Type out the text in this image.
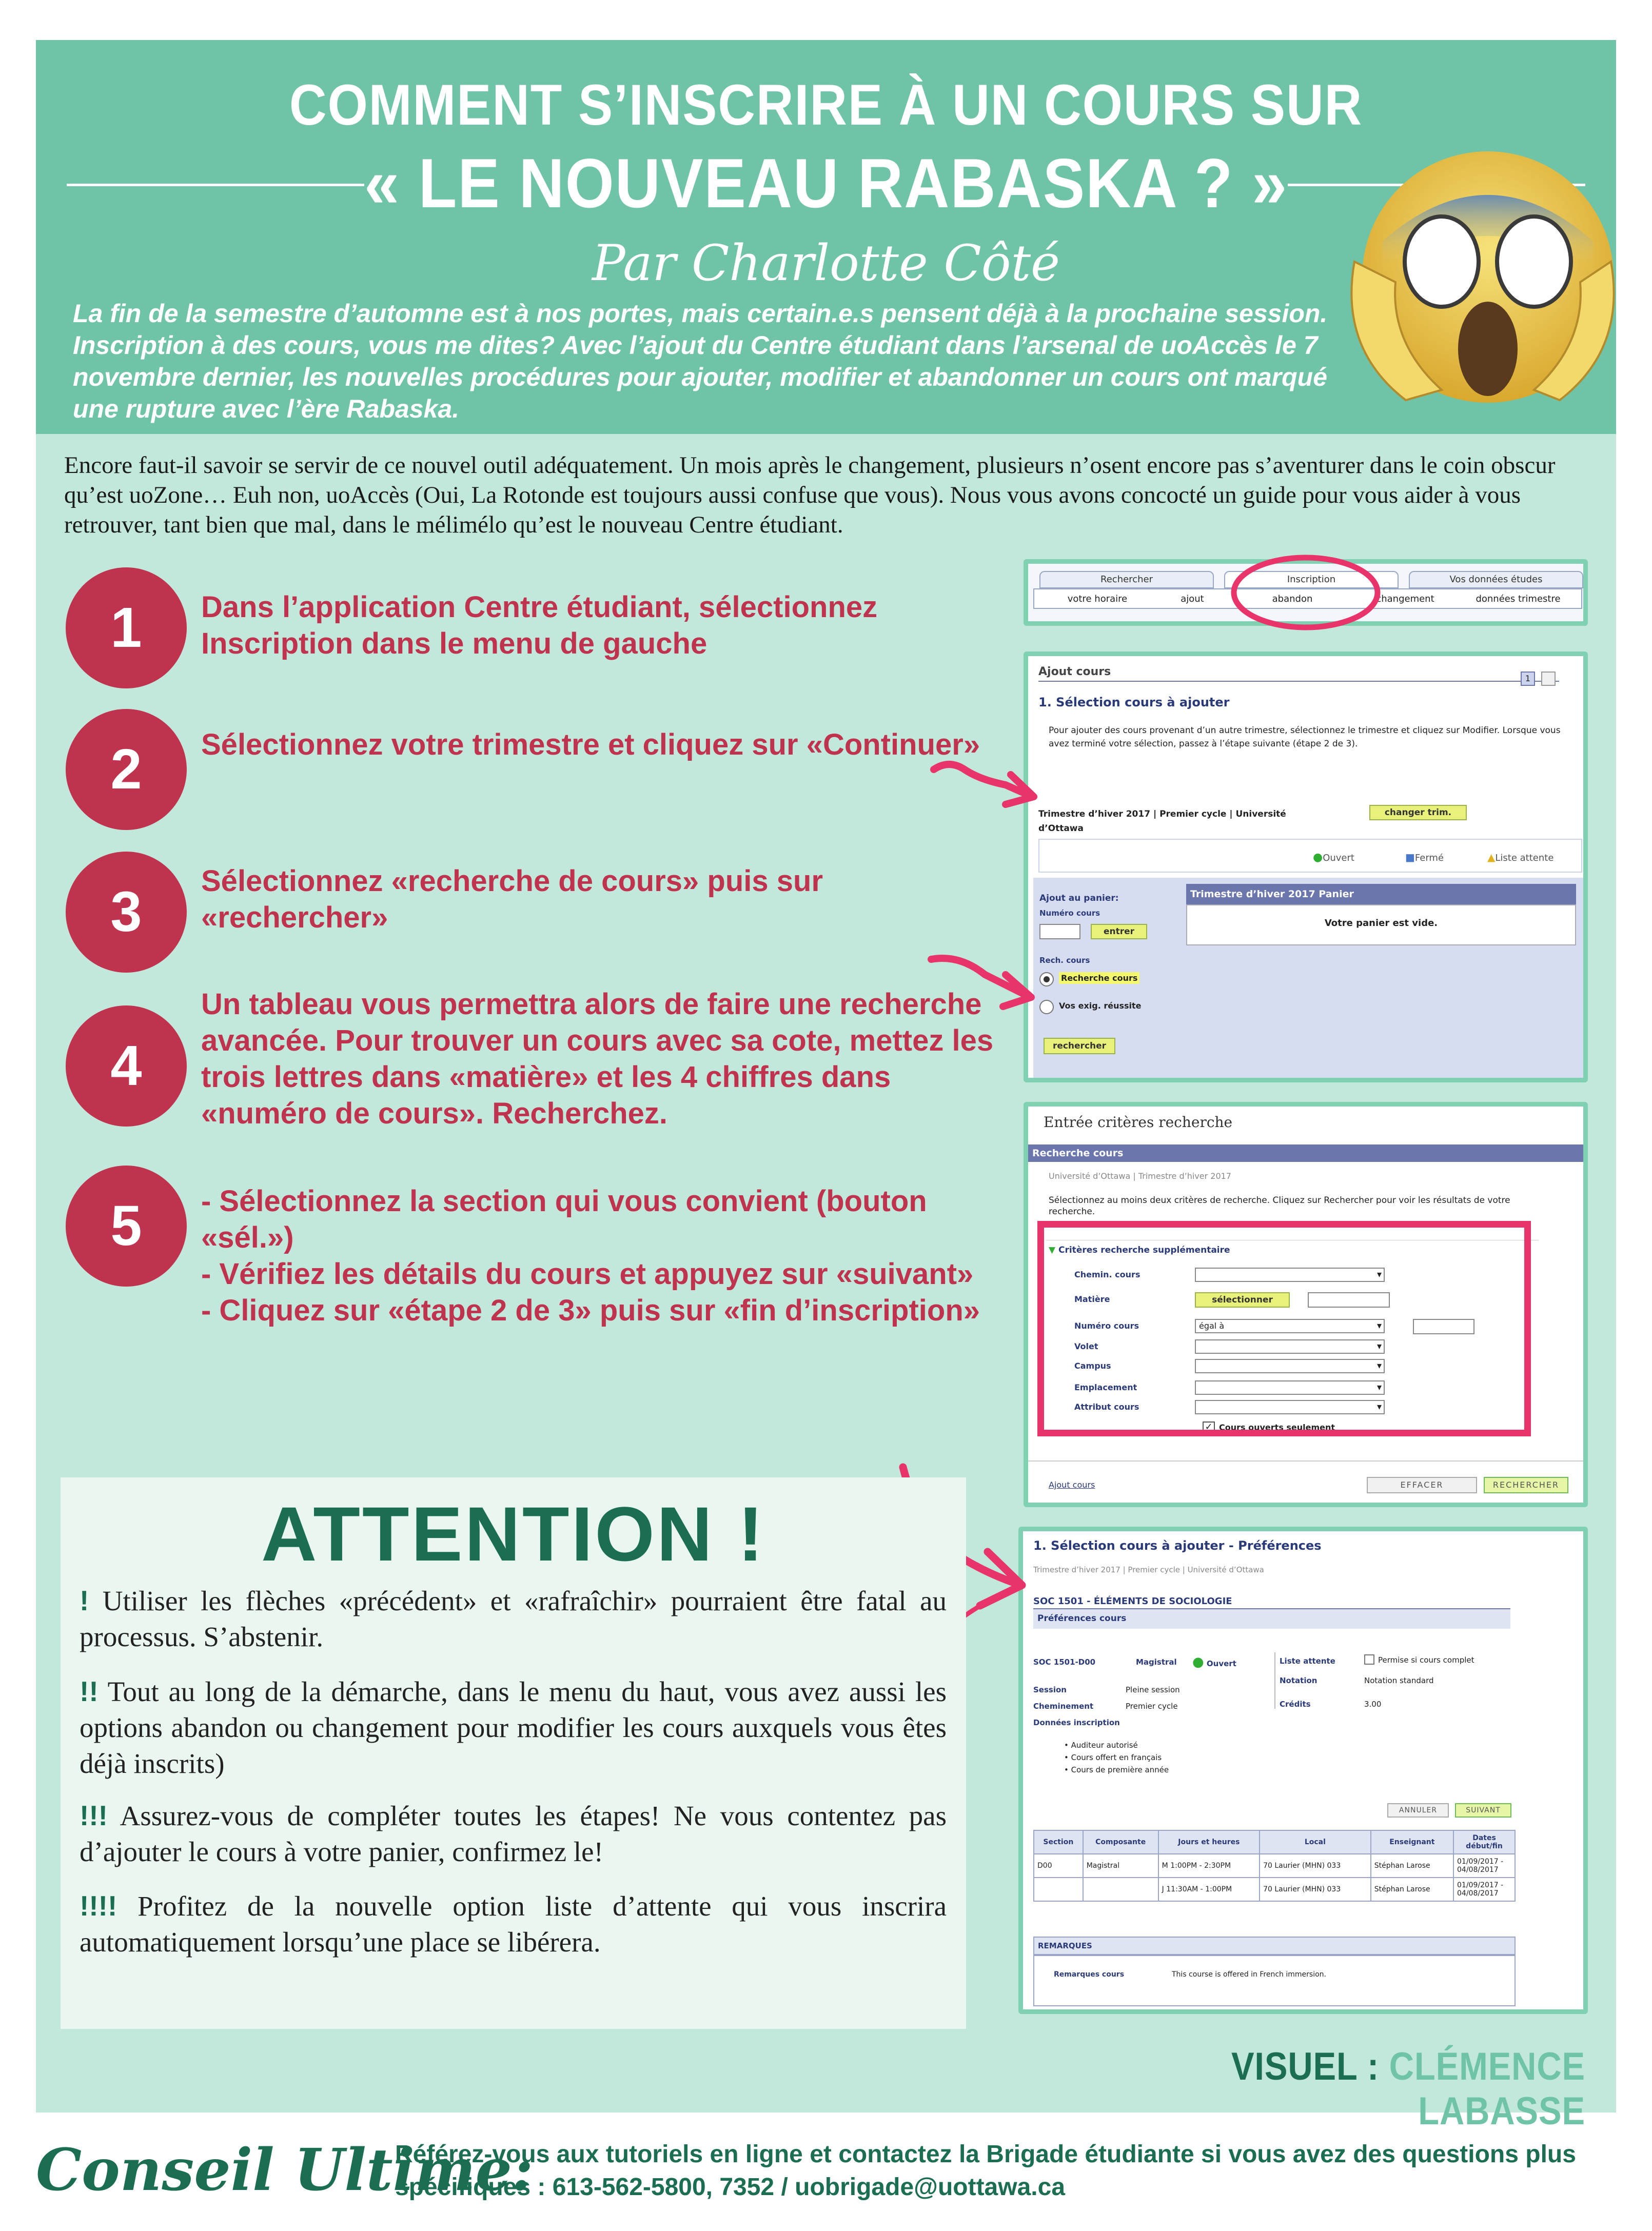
COMMENT S’INSCRIRE À UN COURS SUR
« LE NOUVEAU RABASKA ? »
Par Charlotte Côté
La fin de la semestre d’automne est à nos portes, mais certain.e.s pensent déjà à la prochaine session. Inscription à des cours, vous me dites? Avec l’ajout du Centre étudiant dans l’arsenal de uoAccès le 7 novembre dernier, les nouvelles procédures pour ajouter, modifier et abandonner un cours ont marqué une rupture avec l’ère Rabaska.
Encore faut-il savoir se servir de ce nouvel outil adéquatement. Un mois après le changement, plusieurs n’osent encore pas s’aventurer dans le coin obscur qu’est uoZone… Euh non, uoAccès (Oui, La Rotonde est toujours aussi confuse que vous). Nous vous avons concocté un guide pour vous aider à vous retrouver, tant bien que mal, dans le mélimélo qu’est le nouveau Centre étudiant.
1	Dans l’application Centre étudiant, sélectionnez Inscription dans le menu de gauche
2	Sélectionnez votre trimestre et cliquez sur «Continuer»
3	Sélectionnez «recherche de cours» puis sur «rechercher»
4
Un tableau vous permettra alors de faire une recherche avancée. Pour trouver un cours avec sa cote, mettez les trois lettres dans «matière» et les 4 chiffres dans «numéro de cours». Recherchez.
5	- Sélectionnez la section qui vous convient (bouton «sél.»)
- Vérifiez les détails du cours et appuyez sur «suivant»
- Cliquez sur «étape 2 de 3» puis sur «fin d’inscription»
Rechercher	Inscription	Vos données études
votre horaire	ajout	abandon	changement	données trimestre
Ajout cours
1
1. Sélection cours à ajouter
Pour ajouter des cours provenant d’un autre trimestre, sélectionnez le trimestre et cliquez sur Modifier. Lorsque vous avez terminé votre sélection, passez à l’étape suivante (étape 2 de 3).
Trimestre d’hiver 2017 | Premier cycle | Université d’Ottawa
changer trim.
●Ouvert	■Fermé	▲Liste attente
Ajout au panier:
Numéro cours
entrer
Trimestre d’hiver 2017 Panier
Votre panier est vide.
Rech. cours
Recherche cours
Vos exig. réussite
rechercher
Entrée critères recherche
Recherche cours
Université d’Ottawa | Trimestre d’hiver 2017
Sélectionnez au moins deux critères de recherche. Cliquez sur Rechercher pour voir les résultats de votre recherche.
▼ Critères recherche supplémentaire
Chemin. cours
▾
Matière	sélectionner
Numéro cours	égal à
▾
Volet
▾
Campus
▾
Emplacement
▾
Attribut cours
▾
✓ Cours ouverts seulement
Ajout cours	EFFACER	RECHERCHER
1. Sélection cours à ajouter - Préférences
Trimestre d’hiver 2017 | Premier cycle | Université d’Ottawa
SOC 1501 - ÉLÉMENTS DE SOCIOLOGIE
Préférences cours
SOC 1501-D00	Magistral ● Ouvert	Liste attente	Permise si cours complet
Notation	Notation standard
Crédits	3.00
Session	Pleine session
Cheminement	Premier cycle
Données inscription
• Auditeur autorisé
• Cours offert en français
• Cours de première année
ANNULER	SUIVANT
Section	Composante	Jours et heures	Local	Enseignant	Dates début/fin
D00	Magistral	M 1:00PM - 2:30PM	70 Laurier (MHN) 033	Stéphan Larose	01/09/2017 - 04/08/2017
		J 11:30AM - 1:00PM	70 Laurier (MHN) 033	Stéphan Larose	01/09/2017 - 04/08/2017
REMARQUES
Remarques cours	This course is offered in French immersion.
ATTENTION !
! Utiliser les flèches «précédent» et «rafraîchir» pourraient être fatal au processus. S’abstenir.
!! Tout au long de la démarche, dans le menu du haut, vous avez aussi les options abandon ou changement pour modifier les cours auxquels vous êtes déjà inscrits)
!!! Assurez-vous de compléter toutes les étapes! Ne vous contentez pas d’ajouter le cours à votre panier, confirmez le!
!!!! Profitez de la nouvelle option liste d’attente qui vous inscrira automatiquement lorsqu’une place se libérera.
VISUEL : CLÉMENCE LABASSE
Conseil Ultime:
Référez-vous aux tutoriels en ligne et contactez la Brigade étudiante si vous avez des questions plus spécifiques : 613-562-5800, 7352 / uobrigade@uottawa.ca
